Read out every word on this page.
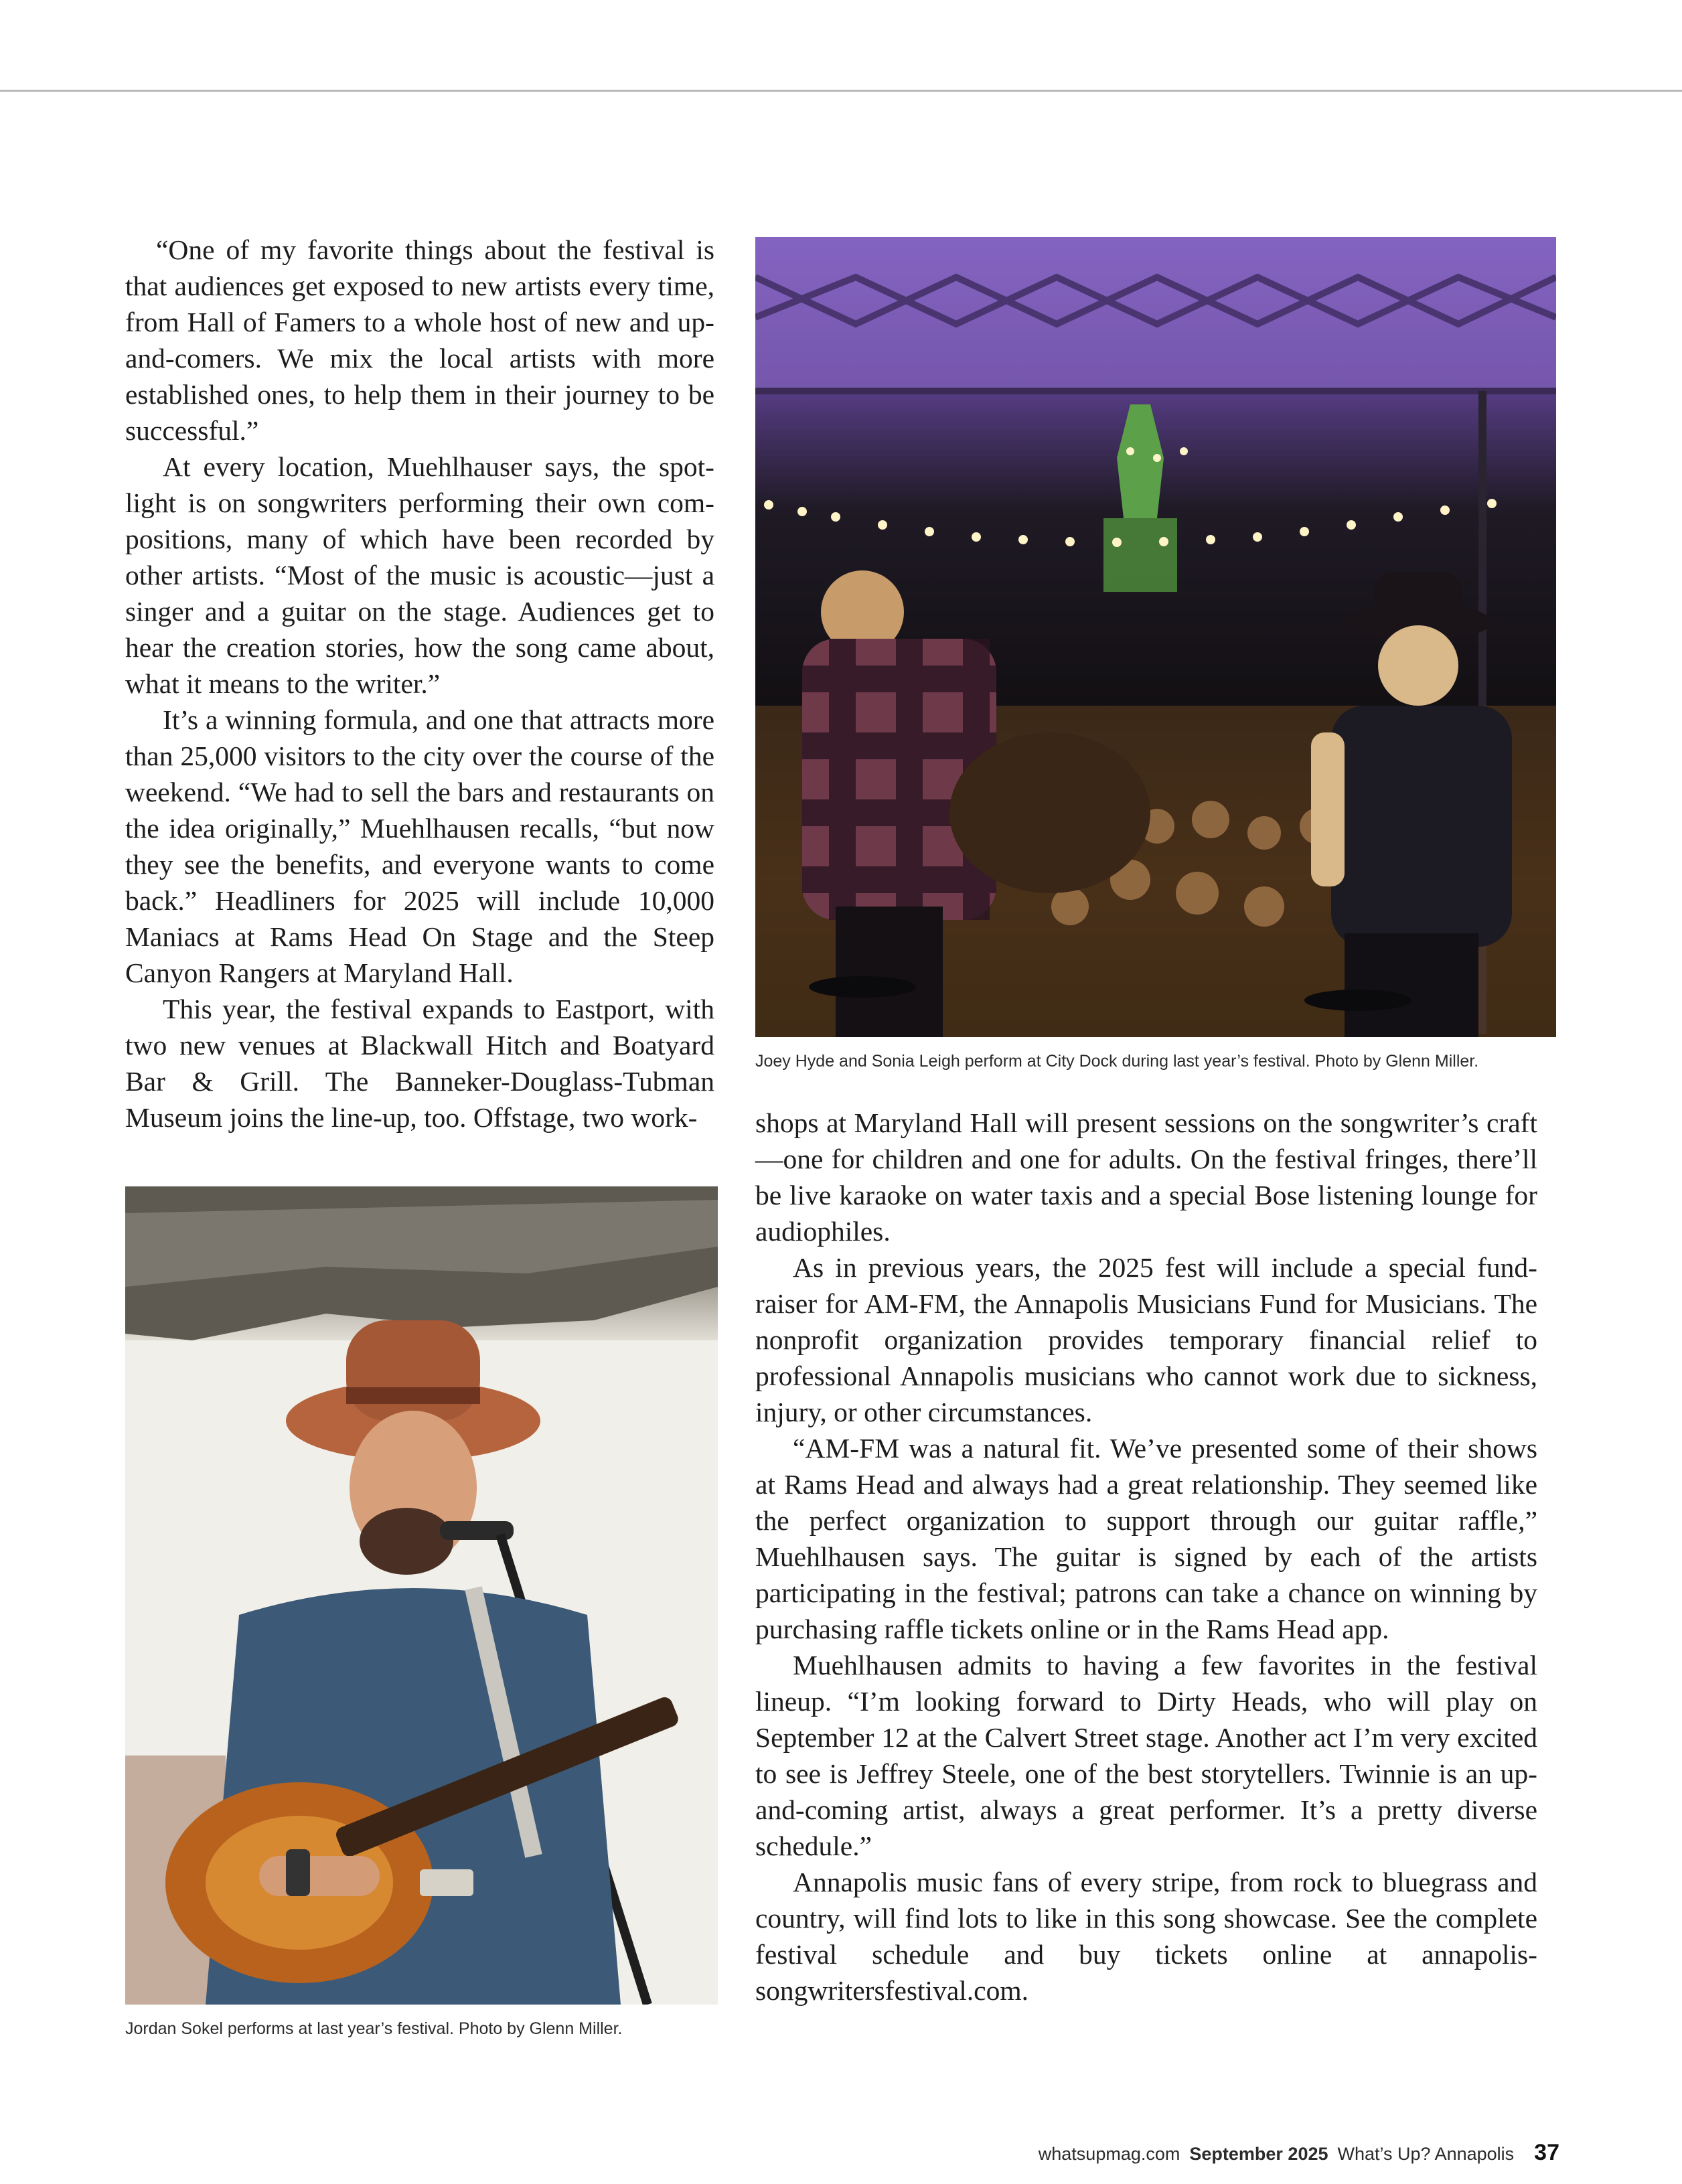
“One of my favorite things about the festival is that audiences get exposed to new artists every time, from Hall of Famers to a whole host of new and up-and-comers. We mix the local artists with more established ones, to help them in their journey to be successful.”

At every location, Muehlhauser says, the spotlight is on songwriters performing their own compositions, many of which have been recorded by other artists. “Most of the music is acoustic—just a singer and a guitar on the stage. Audiences get to hear the creation stories, how the song came about, what it means to the writer.”

It’s a winning formula, and one that attracts more than 25,000 visitors to the city over the course of the weekend. “We had to sell the bars and restaurants on the idea originally,” Muehlhausen recalls, “but now they see the benefits, and everyone wants to come back.” Headliners for 2025 will include 10,000 Maniacs at Rams Head On Stage and the Steep Canyon Rangers at Maryland Hall.

This year, the festival expands to Eastport, with two new venues at Blackwall Hitch and Boatyard Bar & Grill. The Banneker-Douglass-Tubman Museum joins the line-up, too. Offstage, two work-

Joey Hyde and Sonia Leigh perform at City Dock during last year’s festival. Photo by Glenn Miller.

shops at Maryland Hall will present sessions on the songwriter’s craft—one for children and one for adults. On the festival fringes, there’ll be live karaoke on water taxis and a special Bose listening lounge for audiophiles.

As in previous years, the 2025 fest will include a special fundraiser for AM-FM, the Annapolis Musicians Fund for Musicians. The nonprofit organization provides temporary financial relief to professional Annapolis musicians who cannot work due to sickness, injury, or other circumstances.

“AM-FM was a natural fit. We’ve presented some of their shows at Rams Head and always had a great relationship. They seemed like the perfect organization to support through our guitar raffle,” Muehlhausen says. The guitar is signed by each of the artists participating in the festival; patrons can take a chance on winning by purchasing raffle tickets online or in the Rams Head app.

Muehlhausen admits to having a few favorites in the festival lineup. “I’m looking forward to Dirty Heads, who will play on September 12 at the Calvert Street stage. Another act I’m very excited to see is Jeffrey Steele, one of the best storytellers. Twinnie is an up-and-coming artist, always a great performer. It’s a pretty diverse schedule.”

Annapolis music fans of every stripe, from rock to bluegrass and country, will find lots to like in this song showcase. See the complete festival schedule and buy tickets online at annapolis-songwritersfestival.com.

Jordan Sokel performs at last year’s festival. Photo by Glenn Miller.
whatsupmag.com September 2025 What’s Up? Annapolis 37
